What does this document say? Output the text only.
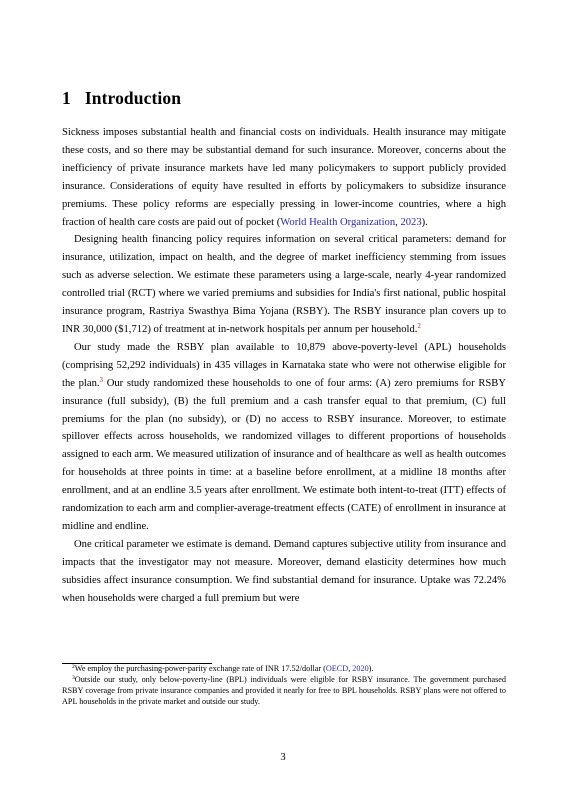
1 Introduction

Sickness imposes substantial health and financial costs on individuals. Health insurance may mitigate these costs, and so there may be substantial demand for such insurance. Moreover, concerns about the inefficiency of private insurance markets have led many policymakers to support publicly provided insurance. Considerations of equity have resulted in efforts by policymakers to subsidize insurance premiums. These policy reforms are especially pressing in lower-income countries, where a high fraction of health care costs are paid out of pocket (World Health Organization, 2023).

Designing health financing policy requires information on several critical parameters: demand for insurance, utilization, impact on health, and the degree of market inefficiency stemming from issues such as adverse selection. We estimate these parameters using a large-scale, nearly 4-year randomized controlled trial (RCT) where we varied premiums and subsidies for India's first national, public hospital insurance program, Rastriya Swasthya Bima Yojana (RSBY). The RSBY insurance plan covers up to INR 30,000 ($1,712) of treatment at in-network hospitals per annum per household.$^2$

Our study made the RSBY plan available to 10,879 above-poverty-level (APL) households (comprising 52,292 individuals) in 435 villages in Karnataka state who were not otherwise eligible for the plan.$^3$ Our study randomized these households to one of four arms: (A) zero premiums for RSBY insurance (full subsidy), (B) the full premium and a cash transfer equal to that premium, (C) full premiums for the plan (no subsidy), or (D) no access to RSBY insurance. Moreover, to estimate spillover effects across households, we randomized villages to different proportions of households assigned to each arm. We measured utilization of insurance and of healthcare as well as health outcomes for households at three points in time: at a baseline before enrollment, at a midline 18 months after enrollment, and at an endline 3.5 years after enrollment. We estimate both intent-to-treat (ITT) effects of randomization to each arm and complier-average-treatment effects (CATE) of enrollment in insurance at midline and endline.

One critical parameter we estimate is demand. Demand captures subjective utility from insurance and impacts that the investigator may not measure. Moreover, demand elasticity determines how much subsidies affect insurance consumption. We find substantial demand for insurance. Uptake was 72.24% when households were charged a full premium but were

$^2$We employ the purchasing-power-parity exchange rate of INR 17.52/dollar (OECD, 2020).

$^3$Outside our study, only below-poverty-line (BPL) individuals were eligible for RSBY insurance. The government purchased RSBY coverage from private insurance companies and provided it nearly for free to BPL households. RSBY plans were not offered to APL households in the private market and outside our study.

3
